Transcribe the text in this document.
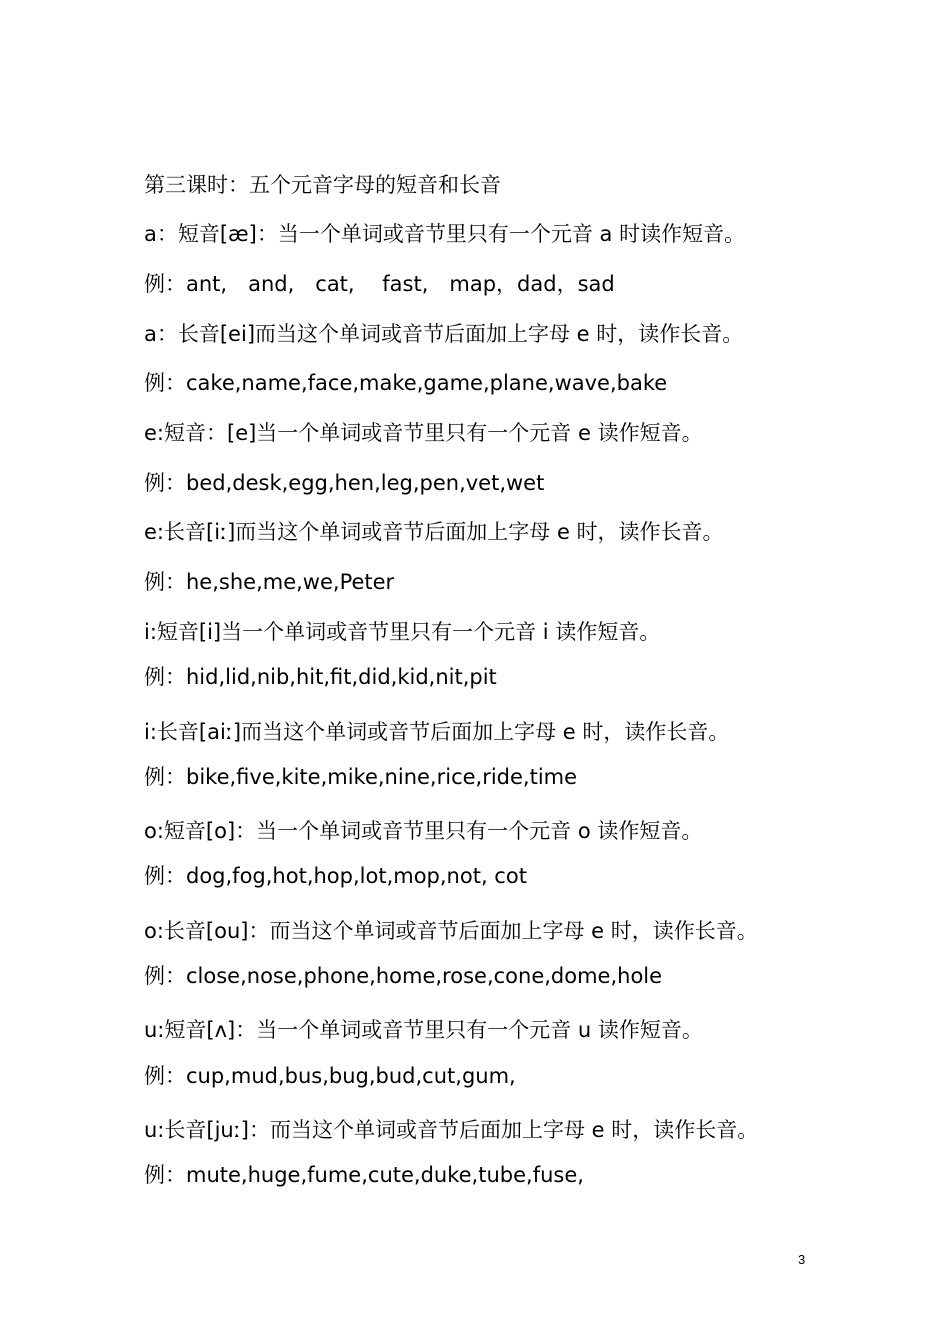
第三课时：五个元音字母的短音和长音
a：短音[æ]：当一个单词或音节里只有一个元音 a 时读作短音。
例：ant,　and,　cat,　 fast,　map，dad，sad
a：长音[ei]而当这个单词或音节后面加上字母 e 时，读作长音。
例：cake,name,face,make,game,plane,wave,bake
e:短音：[e]当一个单词或音节里只有一个元音 e 读作短音。
例：bed,desk,egg,hen,leg,pen,vet,wet
e:长音[iː]而当这个单词或音节后面加上字母 e 时，读作长音。
例：he,she,me,we,Peter
i:短音[i]当一个单词或音节里只有一个元音 i 读作短音。
例：hid,lid,nib,hit,fit,did,kid,nit,pit
i:长音[aiː]而当这个单词或音节后面加上字母 e 时，读作长音。
例：bike,five,kite,mike,nine,rice,ride,time
o:短音[o]：当一个单词或音节里只有一个元音 o 读作短音。
例：dog,fog,hot,hop,lot,mop,not, cot
o:长音[ou]：而当这个单词或音节后面加上字母 e 时，读作长音。
例：close,nose,phone,home,rose,cone,dome,hole
u:短音[ʌ]：当一个单词或音节里只有一个元音 u 读作短音。
例：cup,mud,bus,bug,bud,cut,gum,
u:长音[juː]：而当这个单词或音节后面加上字母 e 时，读作长音。
例：mute,huge,fume,cute,duke,tube,fuse,
3
